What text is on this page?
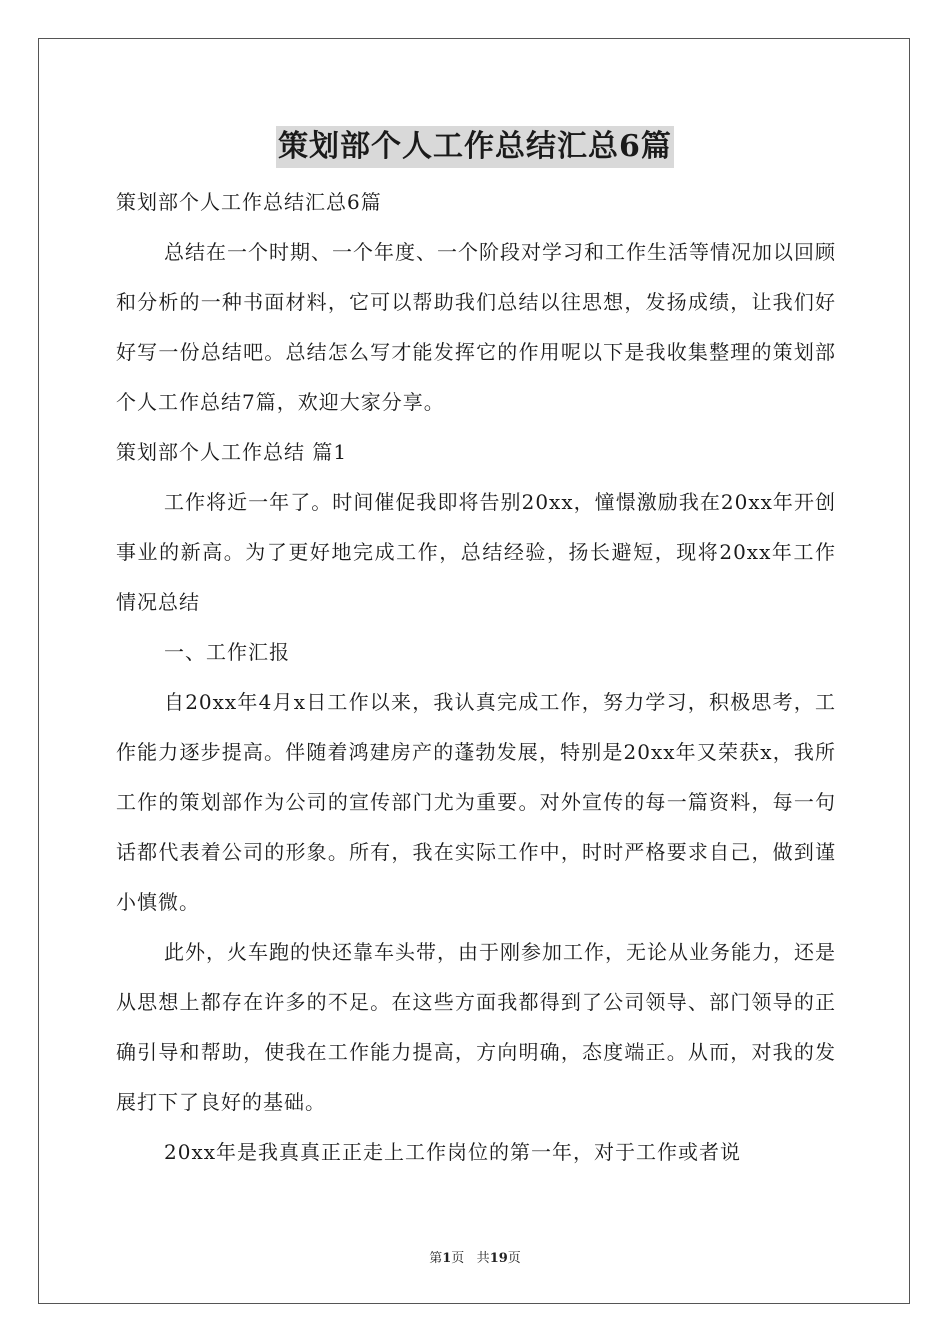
策划部个人工作总结汇总6篇

策划部个人工作总结汇总6篇

总结在一个时期、一个年度、一个阶段对学习和工作生活等情况加以回顾和分析的一种书面材料，它可以帮助我们总结以往思想，发扬成绩，让我们好好写一份总结吧。总结怎么写才能发挥它的作用呢以下是我收集整理的策划部个人工作总结7篇，欢迎大家分享。

策划部个人工作总结 篇1

工作将近一年了。时间催促我即将告别20xx，憧憬激励我在20xx年开创事业的新高。为了更好地完成工作，总结经验，扬长避短，现将20xx年工作情况总结

一、工作汇报

自20xx年4月x日工作以来，我认真完成工作，努力学习，积极思考，工作能力逐步提高。伴随着鸿建房产的蓬勃发展，特别是20xx年又荣获x，我所工作的策划部作为公司的宣传部门尤为重要。对外宣传的每一篇资料，每一句话都代表着公司的形象。所有，我在实际工作中，时时严格要求自己，做到谨小慎微。

此外，火车跑的快还靠车头带，由于刚参加工作，无论从业务能力，还是从思想上都存在许多的不足。在这些方面我都得到了公司领导、部门领导的正确引导和帮助，使我在工作能力提高，方向明确，态度端正。从而，对我的发展打下了良好的基础。

20xx年是我真真正正走上工作岗位的第一年，对于工作或者说

第1页 共19页
